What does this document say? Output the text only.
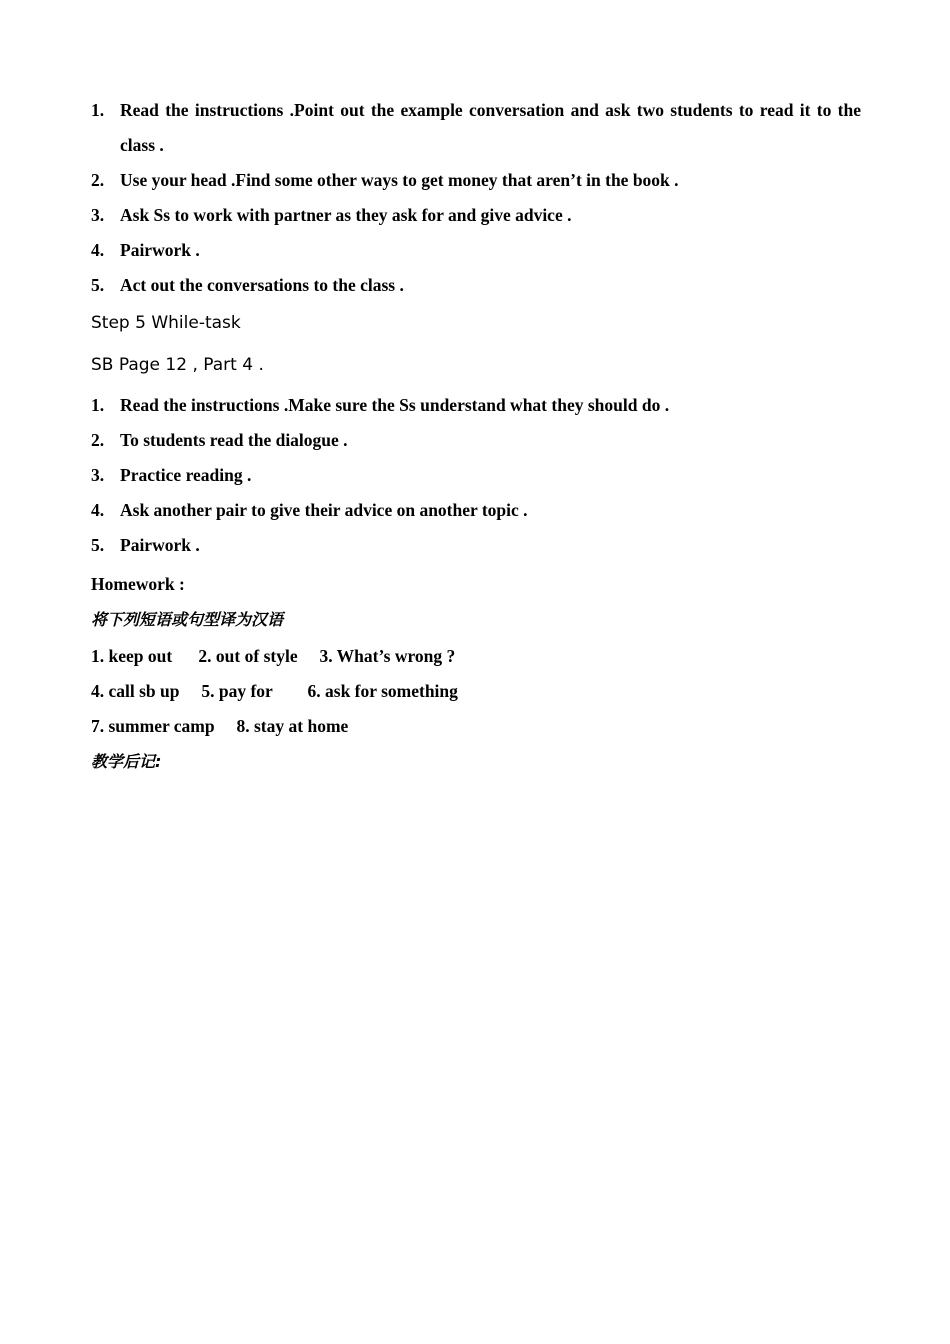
1. Read the instructions .Point out the example conversation and ask two students to read it to the class .
2. Use your head .Find some other ways to get money that aren’t in the book .
3. Ask Ss to work with partner as they ask for and give advice .
4. Pairwork .
5. Act out the conversations to the class .
Step 5 While-task
SB Page 12 , Part 4 .
1. Read the instructions .Make sure the Ss understand what they should do .
2. To students read the dialogue .
3. Practice reading .
4. Ask another pair to give their advice on another topic .
5. Pairwork .
Homework :
将下列短语或句型译为汉语
1. keep out      2. out of style     3. What’s wrong ?
4. call sb up     5. pay for        6. ask for something
7. summer camp     8. stay at home
教学后记:
